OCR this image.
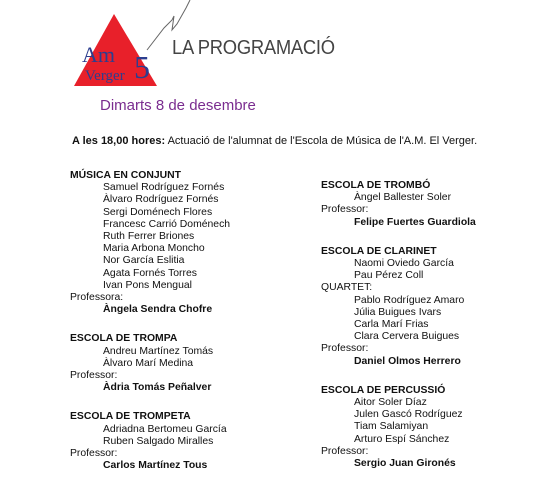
Am
Verger 5
LA PROGRAMACIÓ
Dimarts 8 de desembre
A les 18,00 hores: Actuació de l'alumnat de l'Escola de Música de l'A.M. El Verger.
MÚSICA EN CONJUNT
Samuel Rodríguez Fornés
Àlvaro Rodríguez Fornés
Sergi Doménech Flores
Francesc Carrió Doménech
Ruth Ferrer Briones
Maria Arbona Moncho
Nor García Eslitia
Agata Fornés Torres
Ivan Pons Mengual
Professora:
Àngela Sendra Chofre
ESCOLA DE TROMPA
Andreu Martínez Tomás
Àlvaro Marí Medina
Professor:
Àdria Tomás Peñalver
ESCOLA DE TROMPETA
Adriadna Bertomeu García
Ruben Salgado Miralles
Professor:
Carlos Martínez Tous
ESCOLA DE TROMBÓ
Àngel Ballester Soler
Professor:
Felipe Fuertes Guardiola
ESCOLA DE CLARINET
Naomi Oviedo García
Pau Pérez Coll
QUARTET:
Pablo Rodríguez Amaro
Júlia Buigues Ivars
Carla Marí Frias
Clara Cervera Buigues
Professor:
Daniel Olmos Herrero
ESCOLA DE PERCUSSIÓ
Aitor Soler Díaz
Julen Gascó Rodríguez
Tiam Salamiyan
Arturo Espí Sánchez
Professor:
Sergio Juan Gironés
